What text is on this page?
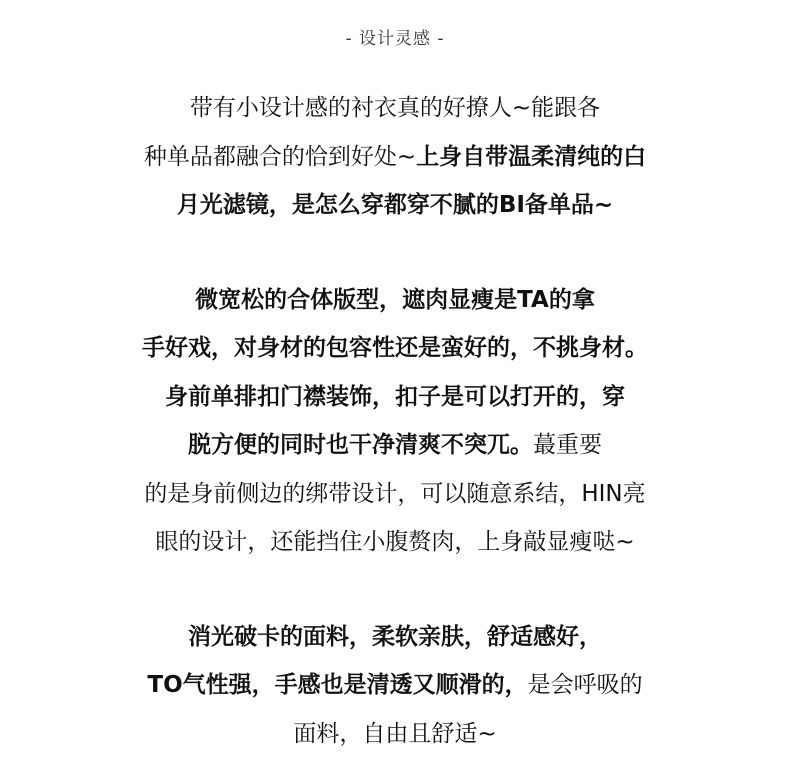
- 设计灵感 -
带有小设计感的衬衣真的好撩人~能跟各
种单品都融合的恰到好处~上身自带温柔清纯的白
月光滤镜，是怎么穿都穿不腻的BI备单品~
微宽松的合体版型，遮肉显瘦是TA的拿
手好戏，对身材的包容性还是蛮好的，不挑身材。
身前单排扣门襟装饰，扣子是可以打开的，穿
脱方便的同时也干净清爽不突兀。蕞重要
的是身前侧边的绑带设计，可以随意系结，HIN亮
眼的设计，还能挡住小腹赘肉，上身敲显瘦哒~
消光破卡的面料，柔软亲肤，舒适感好，
TO气性强，手感也是清透又顺滑的，是会呼吸的
面料，自由且舒适~
